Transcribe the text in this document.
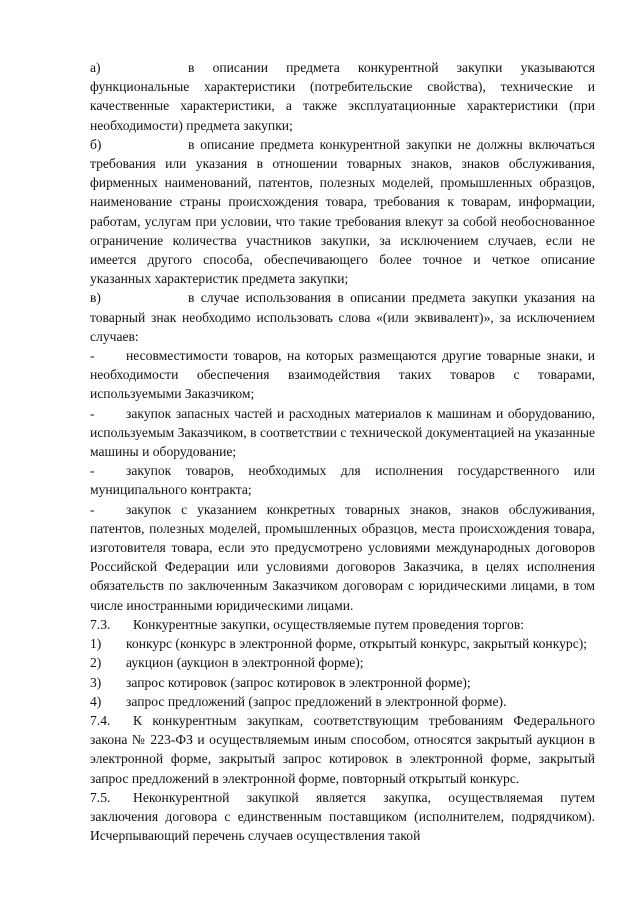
а)	в описании предмета конкурентной закупки указываются функциональные характеристики (потребительские свойства), технические и качественные характеристики, а также эксплуатационные характеристики (при необходимости) предмета закупки;
б)	в описание предмета конкурентной закупки не должны включаться требования или указания в отношении товарных знаков, знаков обслуживания, фирменных наименований, патентов, полезных моделей, промышленных образцов, наименование страны происхождения товара, требования к товарам, информации, работам, услугам при условии, что такие требования влекут за собой необоснованное ограничение количества участников закупки, за исключением случаев, если не имеется другого способа, обеспечивающего более точное и четкое описание указанных характеристик предмета закупки;
в)	в случае использования в описании предмета закупки указания на товарный знак необходимо использовать слова «(или эквивалент)», за исключением случаев:
-	несовместимости товаров, на которых размещаются другие товарные знаки, и необходимости обеспечения взаимодействия таких товаров с товарами, используемыми Заказчиком;
-	закупок запасных частей и расходных материалов к машинам и оборудованию, используемым Заказчиком, в соответствии с технической документацией на указанные машины и оборудование;
-	закупок товаров, необходимых для исполнения государственного или муниципального контракта;
-	закупок с указанием конкретных товарных знаков, знаков обслуживания, патентов, полезных моделей, промышленных образцов, места происхождения товара, изготовителя товара, если это предусмотрено условиями международных договоров Российской Федерации или условиями договоров Заказчика, в целях исполнения обязательств по заключенным Заказчиком договорам с юридическими лицами, в том числе иностранными юридическими лицами.
7.3.	Конкурентные закупки, осуществляемые путем проведения торгов:
1)	конкурс (конкурс в электронной форме, открытый конкурс, закрытый конкурс);
2)	аукцион (аукцион в электронной форме);
3)	запрос котировок (запрос котировок в электронной форме);
4)	запрос предложений (запрос предложений в электронной форме).
7.4.	К конкурентным закупкам, соответствующим требованиям Федерального закона № 223-ФЗ и осуществляемым иным способом, относятся закрытый аукцион в электронной форме, закрытый запрос котировок в электронной форме, закрытый запрос предложений в электронной форме, повторный открытый конкурс.
7.5.	Неконкурентной закупкой является закупка, осуществляемая путем заключения договора с единственным поставщиком (исполнителем, подрядчиком). Исчерпывающий перечень случаев осуществления такой
